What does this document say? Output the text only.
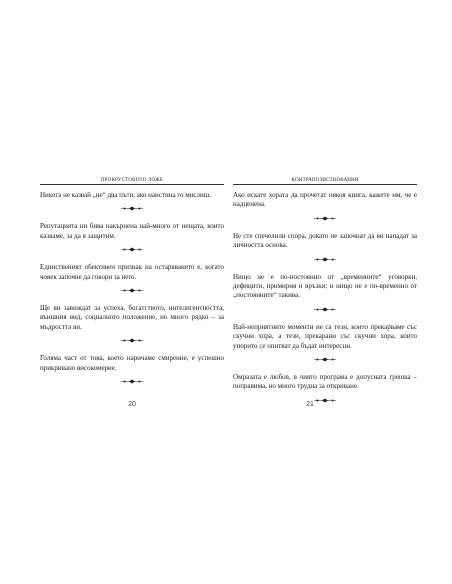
ПРОКРУСТОВОТО ЛОЖЕ

Никога не казвай „не“ два пъти, ако наистина го мислиш.

Репутацията ни бива накърнена най-много от нещата, които казваме, за да я защитим.

Единственият обективен признак на остаряването е, когато човек започне да говори за него.

Ще ви завиждат за успеха, богатството, интелигентността, външния вид, социалното положение, но много рядко – за мъдростта ви.

Голяма част от това, което наричаме смирение, е успешно прикривано високомерие.

КОНТРАПОЗИСТВОВАННЯ

Ако искате хората да прочетат някоя книга, кажете им, че е надценена.

Не сте спечелили спора, докато не започнат да ви нападат за личността основа.

Нищо не е по-постоянно от „временните“ уговорки, дефицити, примирия и връзки; и нищо не е по-временно от „постоянните“ такива.

Най-неприятните моменти не са тези, които прекарваме със скучни хора, а тези, прекарани със скучни хора, които упорито се опитват да бъдат интересни.

Омразата е любов, в чиято програма е допусната грешка – поправима, но много трудна за откриване.

20	21
